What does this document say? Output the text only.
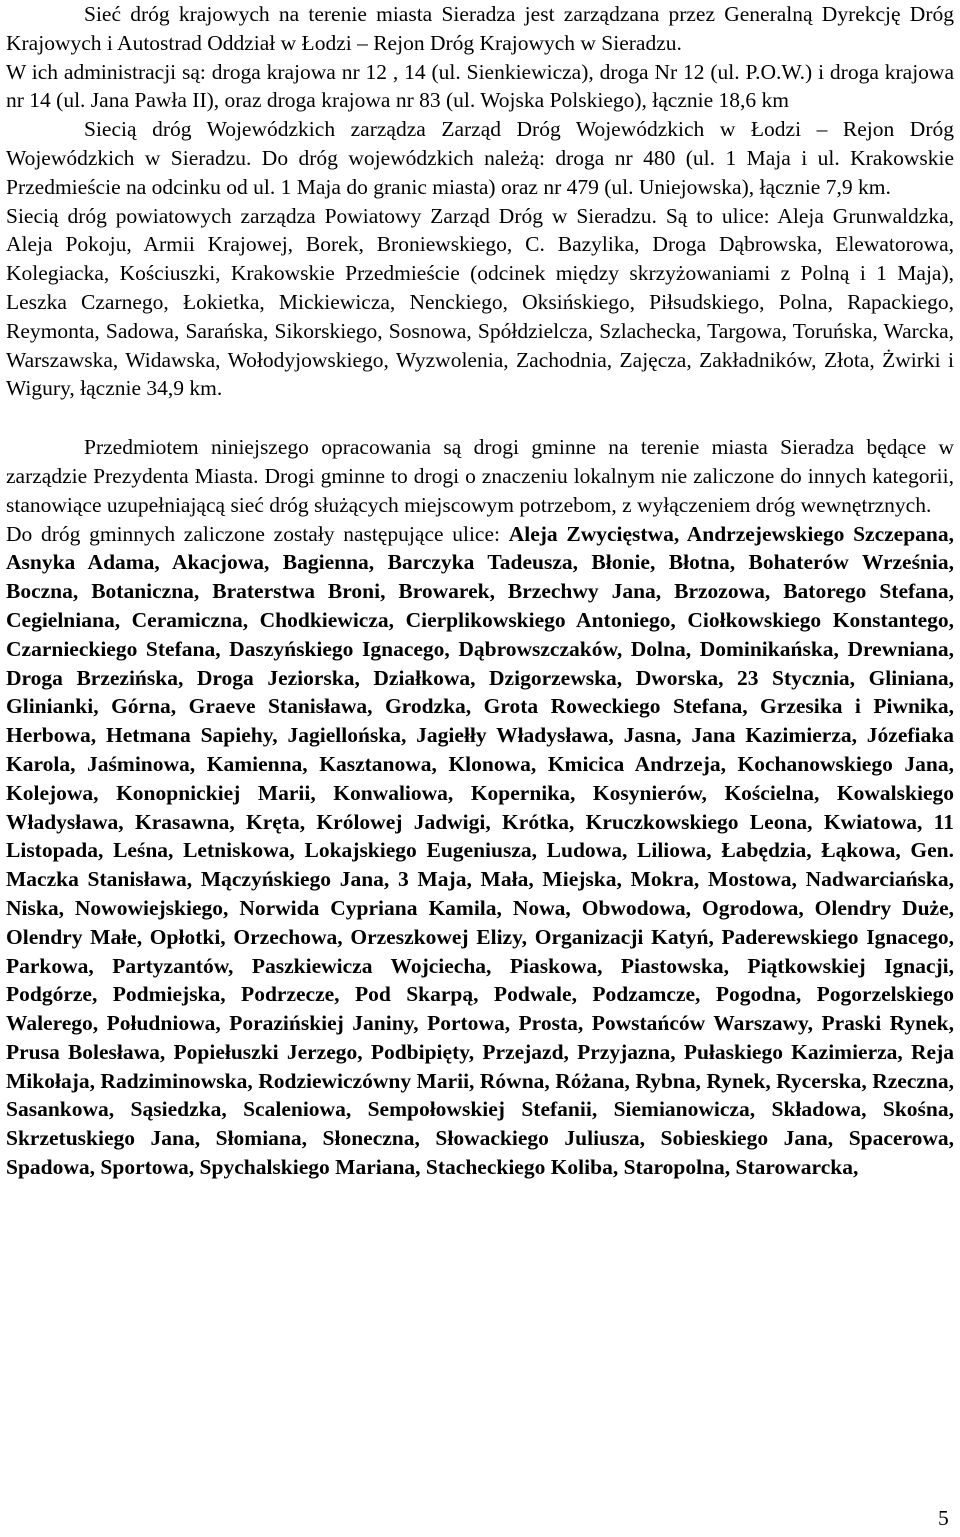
Sieć dróg krajowych na terenie miasta Sieradza jest zarządzana przez Generalną Dyrekcję Dróg Krajowych i Autostrad Oddział w Łodzi – Rejon Dróg Krajowych w Sieradzu.

W ich administracji są: droga krajowa nr 12 , 14 (ul. Sienkiewicza), droga Nr 12 (ul. P.O.W.) i droga krajowa nr 14 (ul. Jana Pawła II), oraz droga krajowa nr 83 (ul. Wojska Polskiego), łącznie 18,6 km

Siecią dróg Wojewódzkich zarządza Zarząd Dróg Wojewódzkich w Łodzi – Rejon Dróg Wojewódzkich w Sieradzu. Do dróg wojewódzkich należą: droga nr 480 (ul. 1 Maja i ul. Krakowskie Przedmieście na odcinku od ul. 1 Maja do granic miasta) oraz nr 479 (ul. Uniejowska), łącznie 7,9 km.

Siecią dróg powiatowych zarządza Powiatowy Zarząd Dróg w Sieradzu. Są to ulice: Aleja Grunwaldzka, Aleja Pokoju, Armii Krajowej, Borek, Broniewskiego, C. Bazylika, Droga Dąbrowska, Elewatorowa, Kolegiacka, Kościuszki, Krakowskie Przedmieście (odcinek między skrzyżowaniami z Polną i 1 Maja), Leszka Czarnego, Łokietka, Mickiewicza, Nenckiego, Oksińskiego, Piłsudskiego, Polna, Rapackiego, Reymonta, Sadowa, Sarańska, Sikorskiego, Sosnowa, Spółdzielcza, Szlachecka, Targowa, Toruńska, Warcka, Warszawska, Widawska, Wołodyjowskiego, Wyzwolenia, Zachodnia, Zajęcza, Zakładników, Złota, Żwirki i Wigury, łącznie 34,9 km.

Przedmiotem niniejszego opracowania są drogi gminne na terenie miasta Sieradza będące w zarządzie Prezydenta Miasta. Drogi gminne to drogi o znaczeniu lokalnym nie zaliczone do innych kategorii, stanowiące uzupełniającą sieć dróg służących miejscowym potrzebom, z wyłączeniem dróg wewnętrznych.

Do dróg gminnych zaliczone zostały następujące ulice: Aleja Zwycięstwa, Andrzejewskiego Szczepana, Asnyka Adama, Akacjowa, Bagienna, Barczyka Tadeusza, Błonie, Błotna, Bohaterów Września, Boczna, Botaniczna, Braterstwa Broni, Browarek, Brzechwy Jana, Brzozowa, Batorego Stefana, Cegielniana, Ceramiczna, Chodkiewicza, Cierplikowskiego Antoniego, Ciołkowskiego Konstantego, Czarnieckiego Stefana, Daszyńskiego Ignacego, Dąbrowszczaków, Dolna, Dominikańska, Drewniana, Droga Brzezińska, Droga Jeziorska, Działkowa, Dzigorzewska, Dworska, 23 Stycznia, Gliniana, Glinianki, Górna, Graeve Stanisława, Grodzka, Grota Roweckiego Stefana, Grzesika i Piwnika, Herbowa, Hetmana Sapiehy, Jagiellońska, Jagiełły Władysława, Jasna, Jana Kazimierza, Józefiaka Karola, Jaśminowa, Kamienna, Kasztanowa, Klonowa, Kmicica Andrzeja, Kochanowskiego Jana, Kolejowa, Konopnickiej Marii, Konwaliowa, Kopernika, Kosynierów, Kościelna, Kowalskiego Władysława, Krasawna, Kręta, Królowej Jadwigi, Krótka, Kruczkowskiego Leona, Kwiatowa, 11 Listopada, Leśna, Letniskowa, Lokajskiego Eugeniusza, Ludowa, Liliowa, Łabędzia, Łąkowa, Gen. Maczka Stanisława, Mączyńskiego Jana, 3 Maja, Mała, Miejska, Mokra, Mostowa, Nadwarciańska, Niska, Nowowiejskiego, Norwida Cypriana Kamila, Nowa, Obwodowa, Ogrodowa, Olendry Duże, Olendry Małe, Opłotki, Orzechowa, Orzeszkowej Elizy, Organizacji Katyń, Paderewskiego Ignacego, Parkowa, Partyzantów, Paszkiewicza Wojciecha, Piaskowa, Piastowska, Piątkowskiej Ignacji, Podgórze, Podmiejska, Podrzecze, Pod Skarpą, Podwale, Podzamcze, Pogodna, Pogorzelskiego Walerego, Południowa, Porazińskiej Janiny, Portowa, Prosta, Powstańców Warszawy, Praski Rynek, Prusa Bolesława, Popiełuszki Jerzego, Podbipięty, Przejazd, Przyjazna, Pułaskiego Kazimierza, Reja Mikołaja, Radziminowska, Rodziewiczówny Marii, Równa, Różana, Rybna, Rynek, Rycerska, Rzeczna, Sasankowa, Sąsiedzka, Scaleniowa, Sempołowskiej Stefanii, Siemianowicza, Składowa, Skośna, Skrzetuskiego Jana, Słomiana, Słoneczna, Słowackiego Juliusza, Sobieskiego Jana, Spacerowa, Spadowa, Sportowa, Spychalskiego Mariana, Stacheckiego Koliba, Staropolna, Starowarcka,

5
